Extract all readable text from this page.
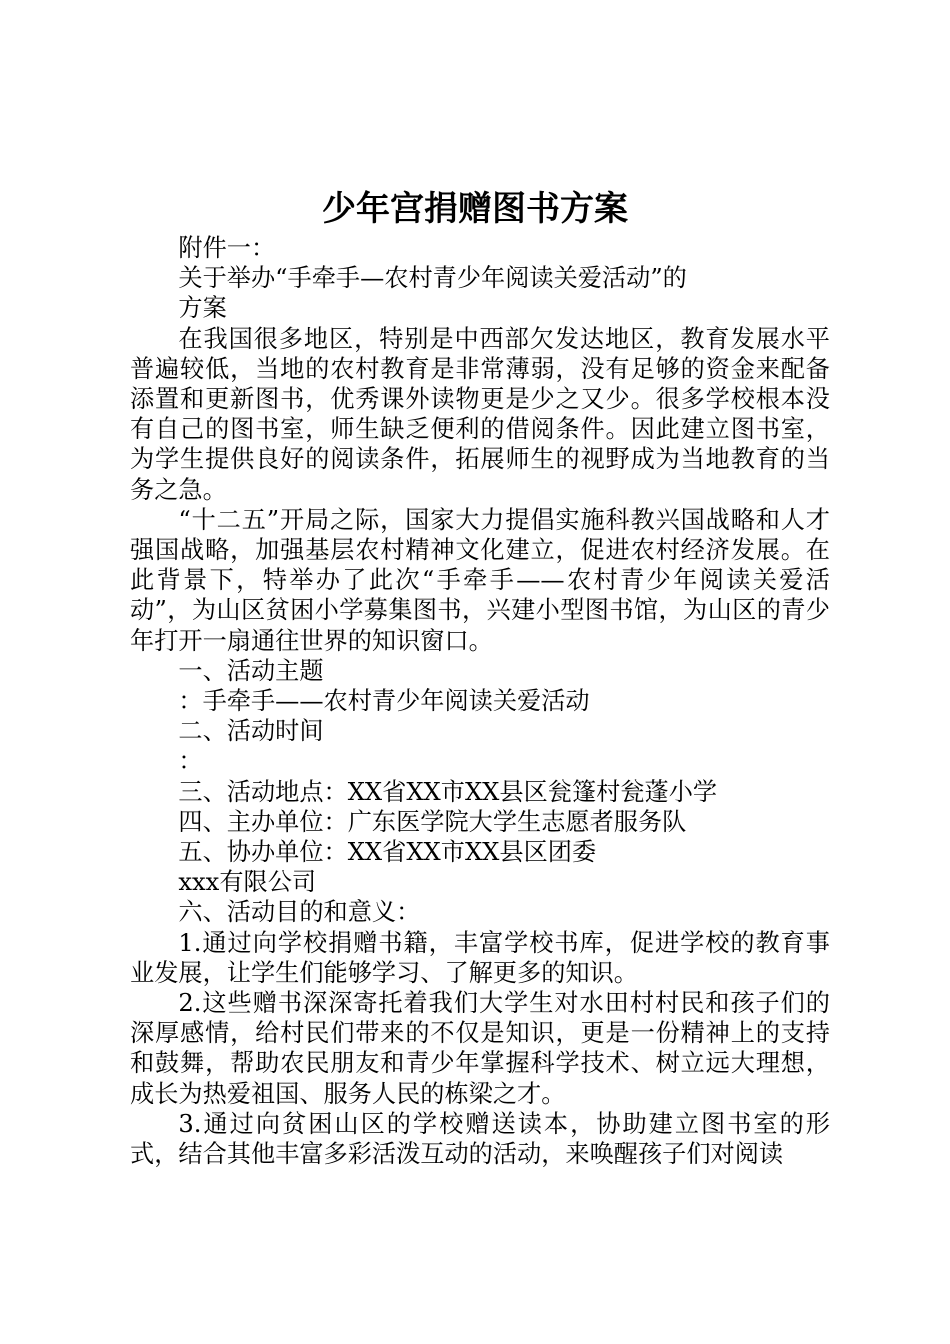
少年宫捐赠图书方案

附件一：

关于举办“手牵手—农村青少年阅读关爱活动”的

方案

在我国很多地区，特别是中西部欠发达地区，教育发展水平普遍较低，当地的农村教育是非常薄弱，没有足够的资金来配备添置和更新图书，优秀课外读物更是少之又少。很多学校根本没有自己的图书室，师生缺乏便利的借阅条件。因此建立图书室，为学生提供良好的阅读条件，拓展师生的视野成为当地教育的当务之急。

“十二五”开局之际，国家大力提倡实施科教兴国战略和人才强国战略，加强基层农村精神文化建立，促进农村经济发展。在此背景下，特举办了此次“手牵手——农村青少年阅读关爱活动”，为山区贫困小学募集图书，兴建小型图书馆，为山区的青少年打开一扇通往世界的知识窗口。

一、活动主题

：手牵手——农村青少年阅读关爱活动

二、活动时间

：

三、活动地点：XX省XX市XX县区瓮篷村瓮蓬小学

四、主办单位：广东医学院大学生志愿者服务队

五、协办单位：XX省XX市XX县区团委

xxx有限公司

六、活动目的和意义：

1.通过向学校捐赠书籍，丰富学校书库，促进学校的教育事业发展，让学生们能够学习、了解更多的知识。

2.这些赠书深深寄托着我们大学生对水田村村民和孩子们的深厚感情，给村民们带来的不仅是知识，更是一份精神上的支持和鼓舞，帮助农民朋友和青少年掌握科学技术、树立远大理想，成长为热爱祖国、服务人民的栋梁之才。

3.通过向贫困山区的学校赠送读本，协助建立图书室的形式，结合其他丰富多彩活泼互动的活动，来唤醒孩子们对阅读
